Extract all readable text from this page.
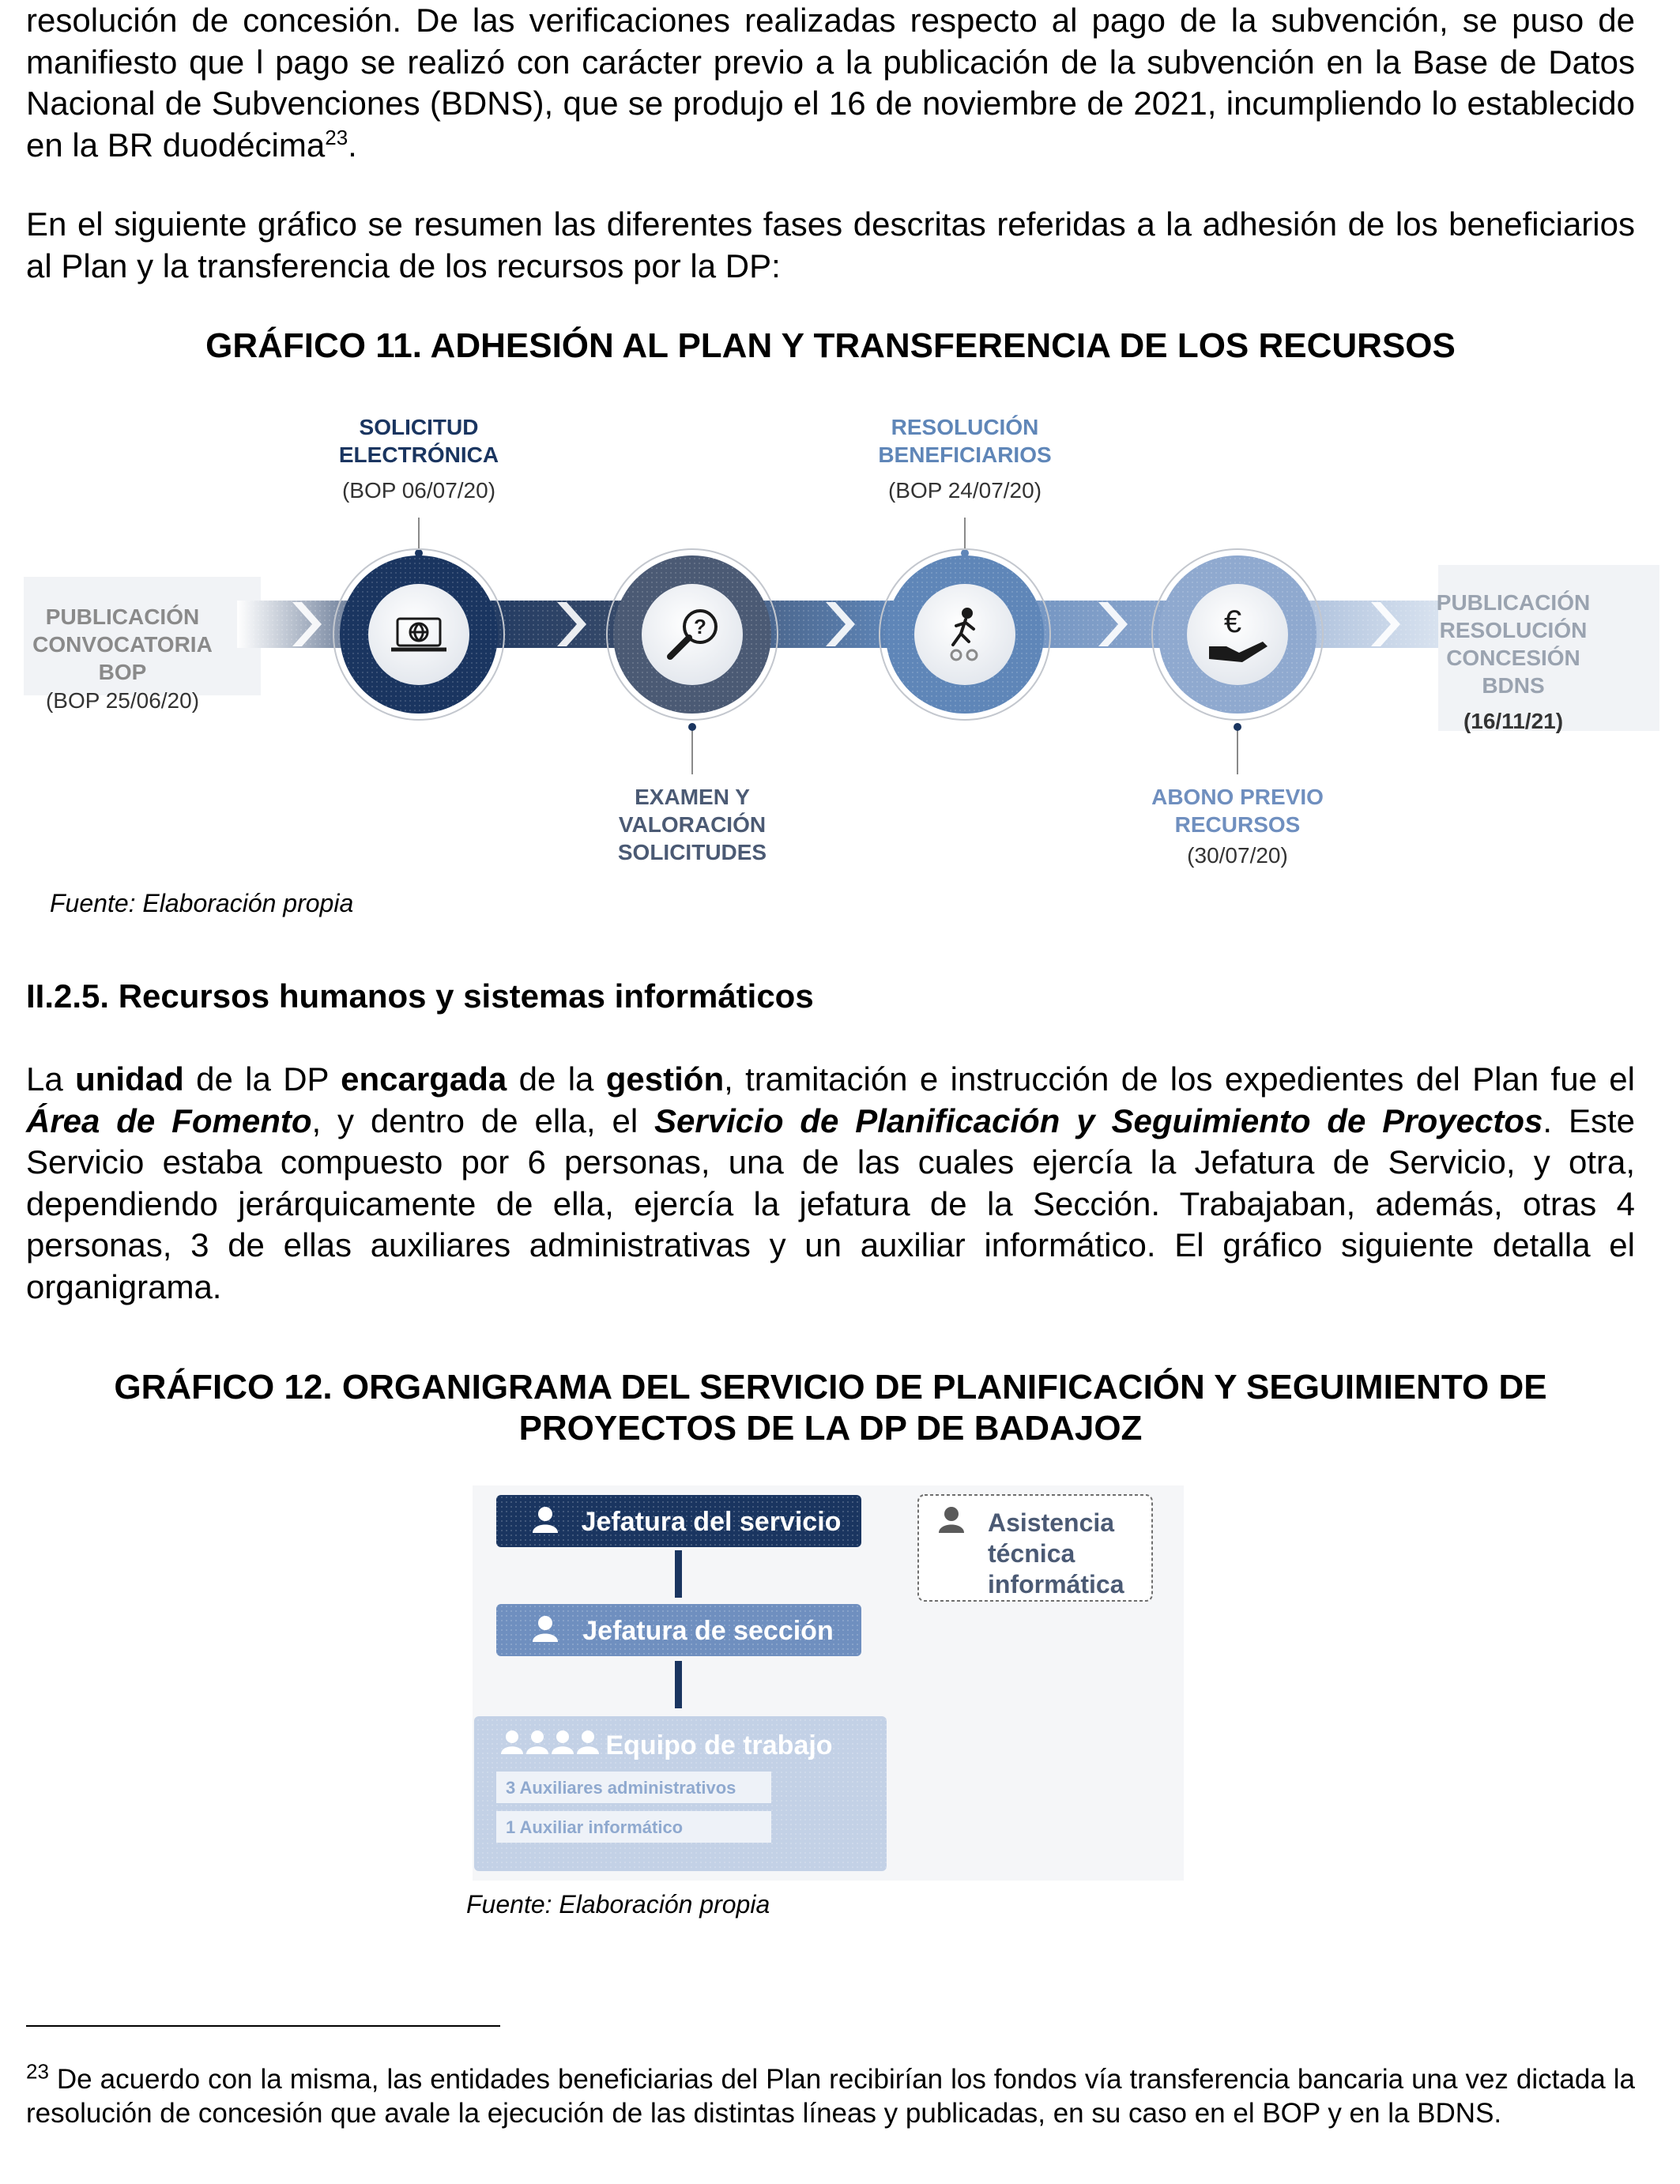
resolución de concesión. De las verificaciones realizadas respecto al pago de la subvención, se puso de manifiesto que l pago se realizó con carácter previo a la publicación de la subvención en la Base de Datos Nacional de Subvenciones (BDNS), que se produjo el 16 de noviembre de 2021, incumpliendo lo establecido en la BR duodécima$^{23}$.

En el siguiente gráfico se resumen las diferentes fases descritas referidas a la adhesión de los beneficiarios al Plan y la transferencia de los recursos por la DP:

GRÁFICO 11. ADHESIÓN AL PLAN Y TRANSFERENCIA DE LOS RECURSOS

?	€
PUBLICACIÓN
CONVOCATORIA
BOP
(BOP 25/06/20)
SOLICITUD
ELECTRÓNICA
(BOP 06/07/20)
EXAMEN Y
VALORACIÓN
SOLICITUDES
RESOLUCIÓN
BENEFICIARIOS
(BOP 24/07/20)
ABONO PREVIO
RECURSOS
(30/07/20)
PUBLICACIÓN
RESOLUCIÓN
CONCESIÓN
BDNS
(16/11/21)
Fuente: Elaboración propia

II.2.5. Recursos humanos y sistemas informáticos

La unidad de la DP encargada de la gestión, tramitación e instrucción de los expedientes del Plan fue el Área de Fomento, y dentro de ella, el Servicio de Planificación y Seguimiento de Proyectos. Este Servicio estaba compuesto por 6 personas, una de las cuales ejercía la Jefatura de Servicio, y otra, dependiendo jerárquicamente de ella, ejercía la jefatura de la Sección. Trabajaban, además, otras 4 personas, 3 de ellas auxiliares administrativas y un auxiliar informático. El gráfico siguiente detalla el organigrama.

GRÁFICO 12. ORGANIGRAMA DEL SERVICIO DE PLANIFICACIÓN Y SEGUIMIENTO DE
PROYECTOS DE LA DP DE BADAJOZ

Jefatura del servicio
Jefatura de sección
Equipo de trabajo
3 Auxiliares administrativos
1 Auxiliar informático
Asistencia
técnica
informática
Fuente: Elaboración propia

$^{23}$ De acuerdo con la misma, las entidades beneficiarias del Plan recibirían los fondos vía transferencia bancaria una vez dictada la resolución de concesión que avale la ejecución de las distintas líneas y publicadas, en su caso en el BOP y en la BDNS.
